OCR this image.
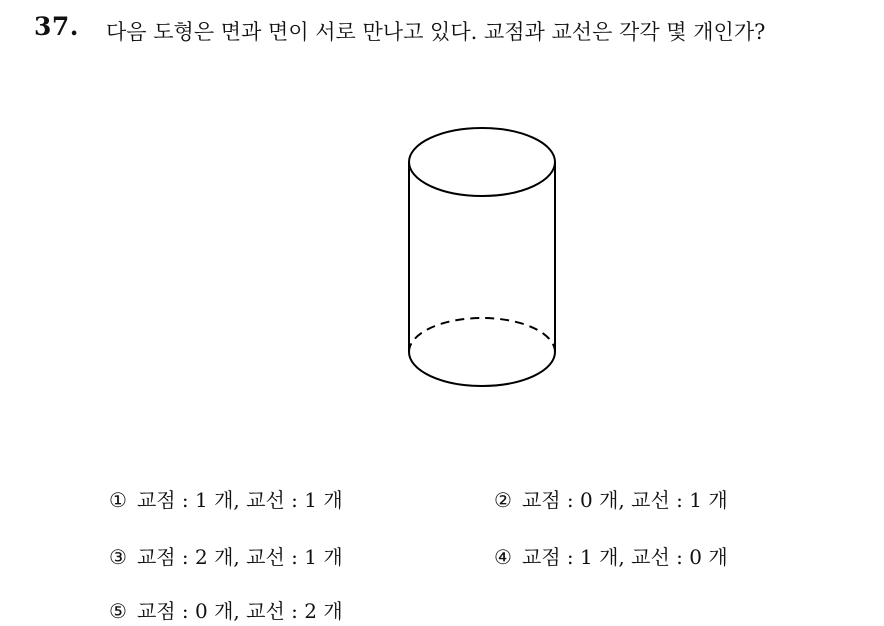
37. 다음 도형은 면과 면이 서로 만나고 있다. 교점과 교선은 각각 몇 개인가?

① 교점 : 1 개, 교선 : 1 개	② 교점 : 0 개, 교선 : 1 개
③ 교점 : 2 개, 교선 : 1 개	④ 교점 : 1 개, 교선 : 0 개
⑤ 교점 : 0 개, 교선 : 2 개
